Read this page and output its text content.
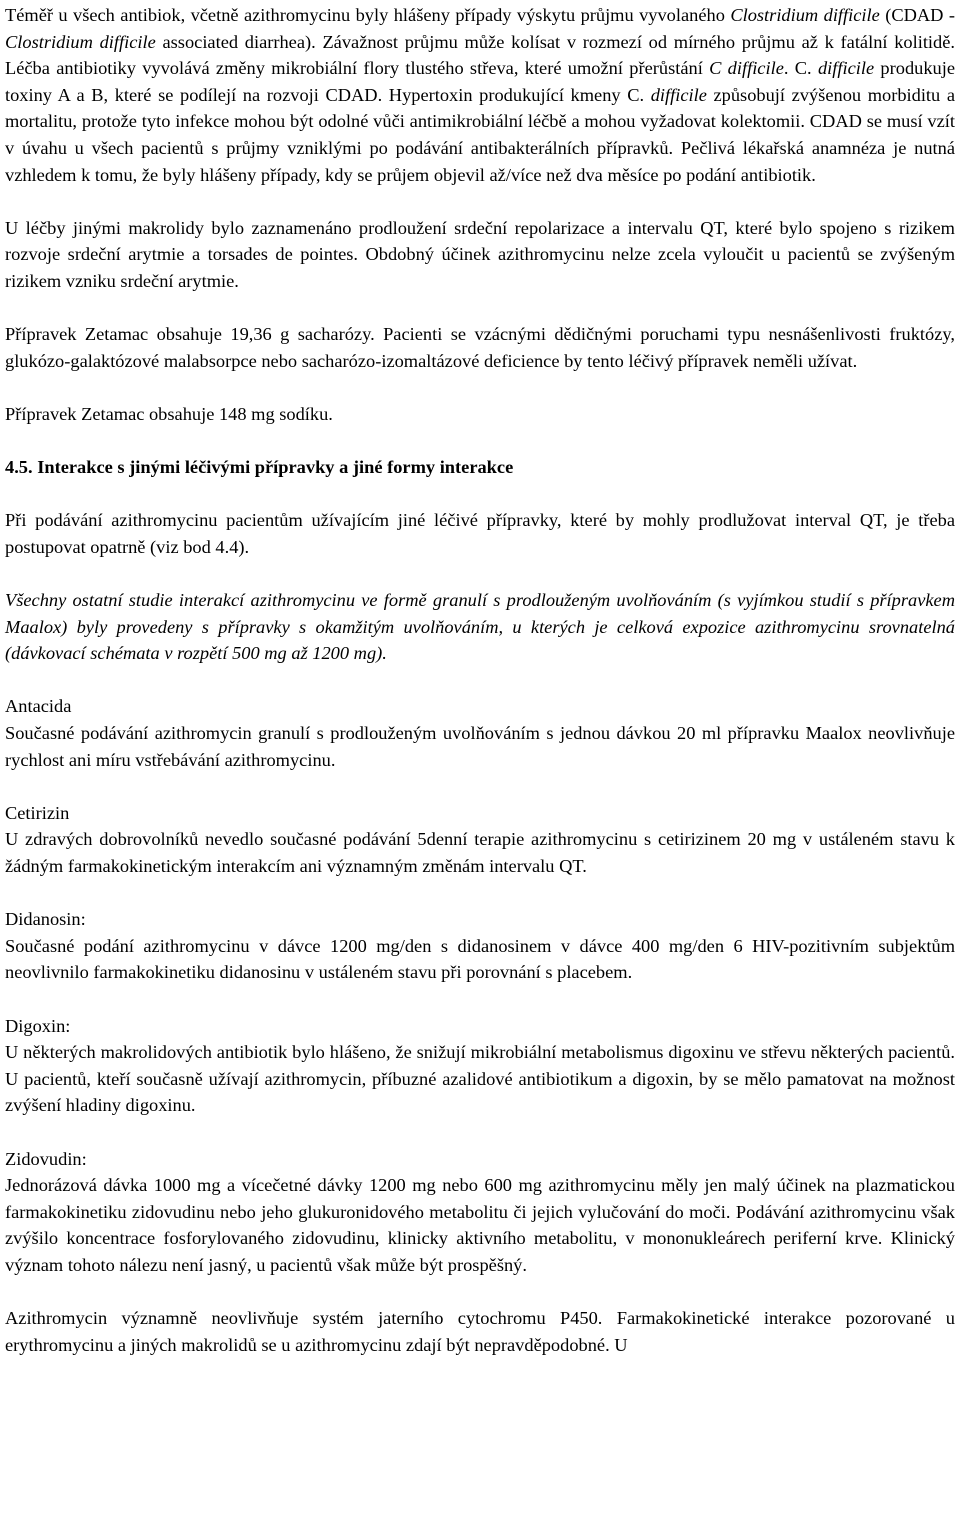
Téměř u všech antibiok, včetně azithromycinu byly hlášeny případy výskytu průjmu vyvolaného Clostridium difficile (CDAD - Clostridium difficile associated diarrhea). Závažnost průjmu může kolísat v rozmezí od mírného průjmu až k fatální kolitidě. Léčba antibiotiky vyvolává změny mikrobiální flory tlustého střeva, které umožní přerůstání C difficile. C. difficile produkuje toxiny A a B, které se podílejí na rozvoji CDAD. Hypertoxin produkující kmeny C. difficile způsobují zvýšenou morbiditu a mortalitu, protože tyto infekce mohou být odolné vůči antimikrobiální léčbě a mohou vyžadovat kolektomii. CDAD se musí vzít v úvahu u všech pacientů s průjmy vzniklými po podávání antibakterálních přípravků. Pečlivá lékařská anamnéza je nutná vzhledem k tomu, že byly hlášeny případy, kdy se průjem objevil až/více než dva měsíce po podání antibiotik.

U léčby jinými makrolidy bylo zaznamenáno prodloužení srdeční repolarizace a intervalu QT, které bylo spojeno s rizikem rozvoje srdeční arytmie a torsades de pointes. Obdobný účinek azithromycinu nelze zcela vyloučit u pacientů se zvýšeným rizikem vzniku srdeční arytmie.

Přípravek Zetamac obsahuje 19,36 g sacharózy. Pacienti se vzácnými dědičnými poruchami typu nesnášenlivosti fruktózy, glukózo-galaktózové malabsorpce nebo sacharózo-izomaltázové deficience by tento léčivý přípravek neměli užívat.

Přípravek Zetamac obsahuje 148 mg sodíku.

4.5. Interakce s jinými léčivými přípravky a jiné formy interakce

Při podávání azithromycinu pacientům užívajícím jiné léčivé přípravky, které by mohly prodlužovat interval QT, je třeba postupovat opatrně (viz bod 4.4).

Všechny ostatní studie interakcí azithromycinu ve formě granulí s prodlouženým uvolňováním (s vyjímkou studií s přípravkem Maalox) byly provedeny s přípravky s okamžitým uvolňováním, u kterých je celková expozice azithromycinu srovnatelná (dávkovací schémata v rozpětí 500 mg až 1200 mg).

Antacida

Současné podávání azithromycin granulí s prodlouženým uvolňováním s jednou dávkou 20 ml přípravku Maalox neovlivňuje rychlost ani míru vstřebávání azithromycinu.

Cetirizin

U zdravých dobrovolníků nevedlo současné podávání 5denní terapie azithromycinu s cetirizinem 20 mg v ustáleném stavu k žádným farmakokinetickým interakcím ani významným změnám intervalu QT.

Didanosin:

Současné podání azithromycinu v dávce 1200 mg/den s didanosinem v dávce 400 mg/den 6 HIV-pozitivním subjektům neovlivnilo farmakokinetiku didanosinu v ustáleném stavu při porovnání s placebem.

Digoxin:

U některých makrolidových antibiotik bylo hlášeno, že snižují mikrobiální metabolismus digoxinu ve střevu některých pacientů. U pacientů, kteří současně užívají azithromycin, příbuzné azalidové antibiotikum a digoxin, by se mělo pamatovat na možnost zvýšení hladiny digoxinu.

Zidovudin:

Jednorázová dávka 1000 mg a vícečetné dávky 1200 mg nebo 600 mg azithromycinu měly jen malý účinek na plazmatickou farmakokinetiku zidovudinu nebo jeho glukuronidového metabolitu či jejich vylučování do moči. Podávání azithromycinu však zvýšilo koncentrace fosforylovaného zidovudinu, klinicky aktivního metabolitu, v mononukleárech periferní krve. Klinický význam tohoto nálezu není jasný, u pacientů však může být prospěšný.

Azithromycin významně neovlivňuje systém jaterního cytochromu P450. Farmakokinetické interakce pozorované u erythromycinu a jiných makrolidů se u azithromycinu zdají být nepravděpodobné. U
